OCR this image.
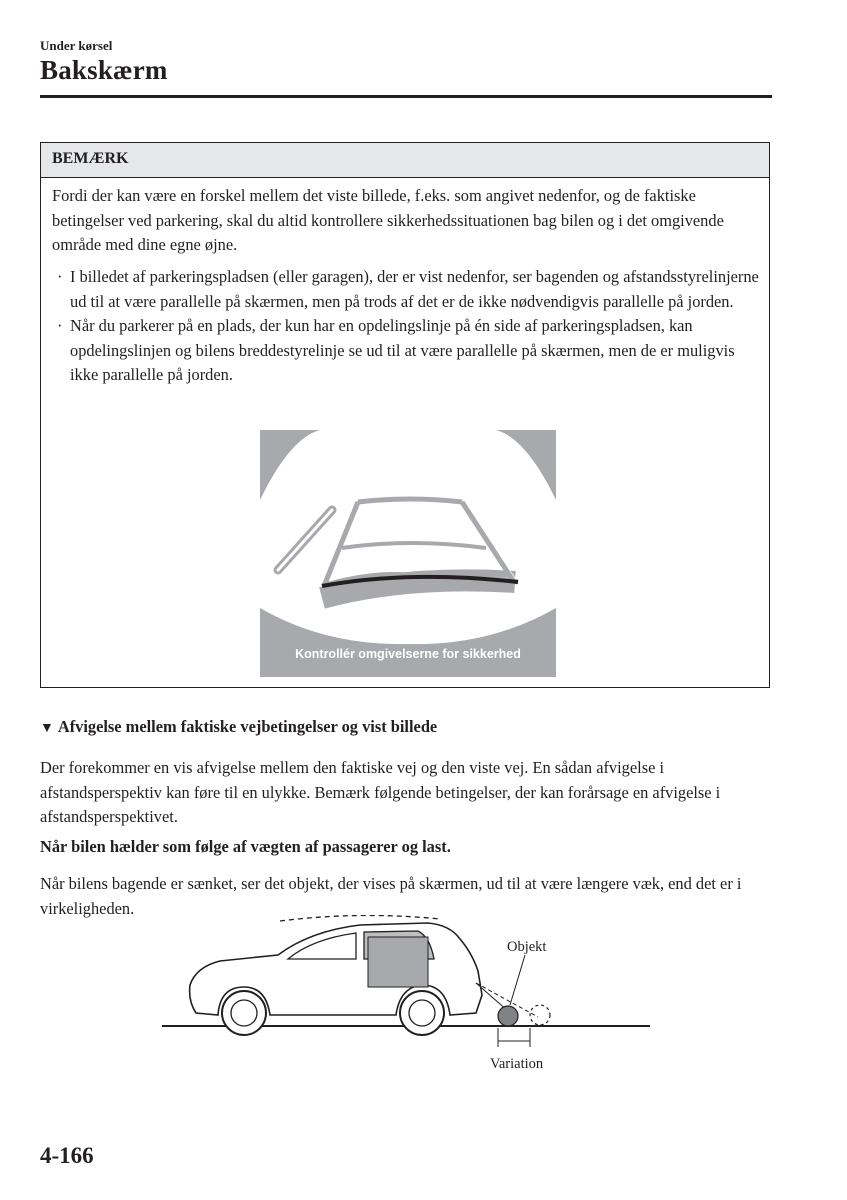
Under kørsel
Bakskærm
BEMÆRK
Fordi der kan være en forskel mellem det viste billede, f.eks. som angivet nedenfor, og de faktiske betingelser ved parkering, skal du altid kontrollere sikkerhedssituationen bag bilen og i det omgivende område med dine egne øjne.
· I billedet af parkeringspladsen (eller garagen), der er vist nedenfor, ser bagenden og afstandsstyrelinjerne ud til at være parallelle på skærmen, men på trods af det er de ikke nødvendigvis parallelle på jorden.
· Når du parkerer på en plads, der kun har en opdelingslinje på én side af parkeringspladsen, kan opdelingslinjen og bilens breddestyrelinje se ud til at være parallelle på skærmen, men de er muligvis ikke parallelle på jorden.
Kontrollér omgivelserne for sikkerhed
▼ Afvigelse mellem faktiske vejbetingelser og vist billede
Der forekommer en vis afvigelse mellem den faktiske vej og den viste vej. En sådan afvigelse i afstandsperspektiv kan føre til en ulykke. Bemærk følgende betingelser, der kan forårsage en afvigelse i afstandsperspektivet.
Når bilen hælder som følge af vægten af passagerer og last.
Når bilens bagende er sænket, ser det objekt, der vises på skærmen, ud til at være længere væk, end det er i virkeligheden.
Objekt
Variation
4-166
